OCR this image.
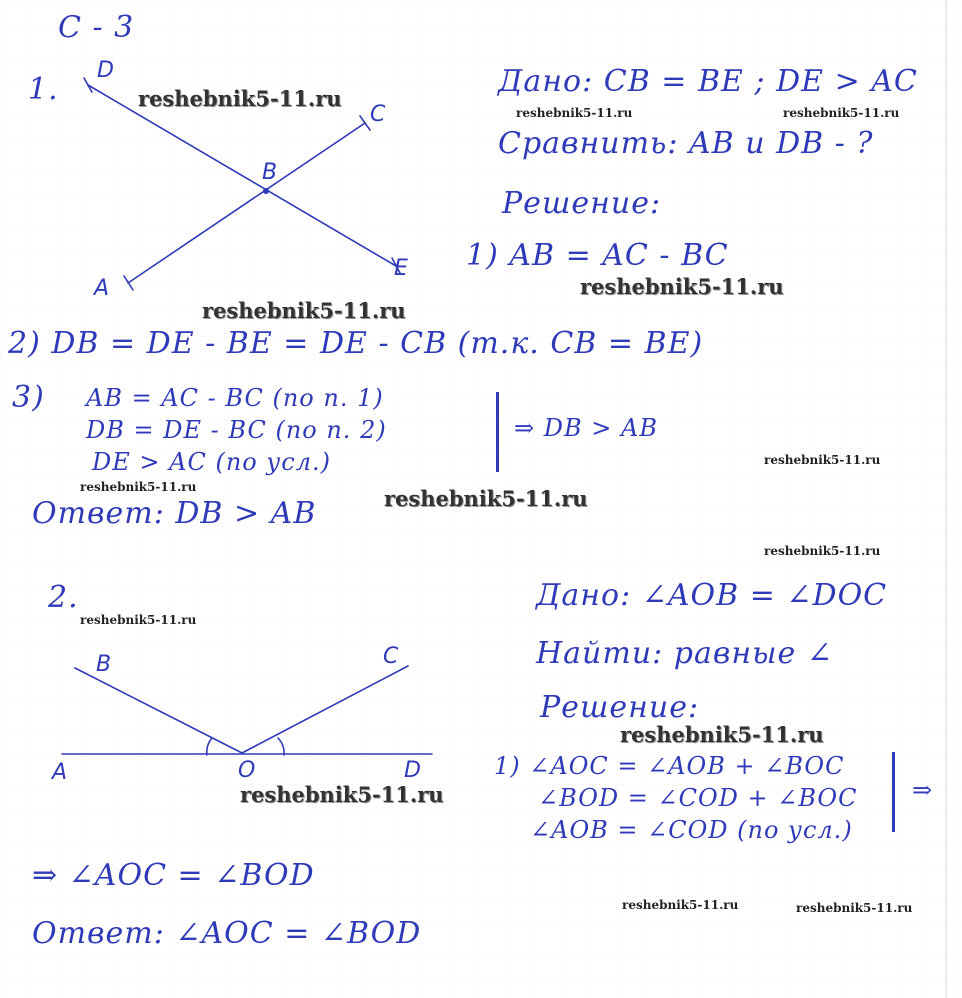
С - 3
1.
D
C
B
A
E
Дано: CB = BE ; DE > AC
Сравнить: AB и DB - ?
Решение:
1) AB = AC - BC
2) DB = DE - BE = DE - CB (т.к. CB = BE)
3) AB = AC - BC (по п. 1)
DB = DE - BC (по п. 2)
DE > AC (по усл.)
⇒ DB > AB
Ответ: DB > AB
2.
B	C
A	O	D
Дано: ∠AOB = ∠DOC
Найти: равные ∠
Решение:
1) ∠AOC = ∠AOB + ∠BOC
∠BOD = ∠COD + ∠BOC
∠AOB = ∠COD (по усл.)
⇒
⇒ ∠AOC = ∠BOD
Ответ: ∠AOC = ∠BOD
reshebnik5-11.ru
reshebnik5-11.ru	reshebnik5-11.ru
reshebnik5-11.ru
reshebnik5-11.ru
reshebnik5-11.ru
reshebnik5-11.ru	reshebnik5-11.ru
reshebnik5-11.ru
reshebnik5-11.ru
reshebnik5-11.ru
reshebnik5-11.ru
reshebnik5-11.ru	reshebnik5-11.ru
